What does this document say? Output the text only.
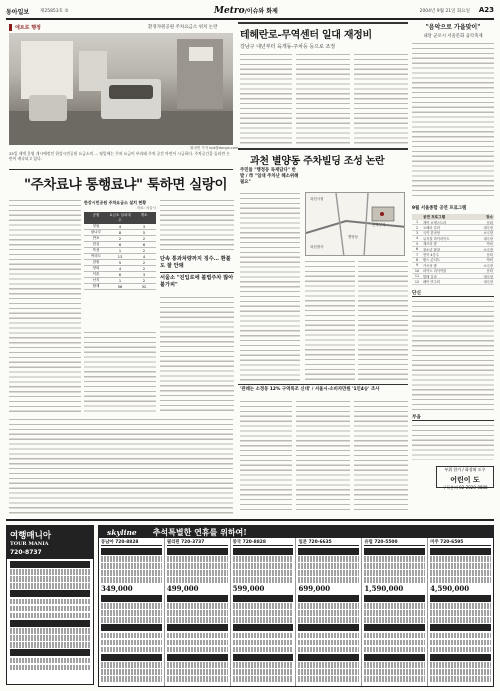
동아일보 제25853호 ②	Metro/이슈와 화제	2004년 9월 21일 화요일 A23
에트로 행정	환경자원공원 주차요금소 위치 논란
원대연 기자 kyd@donga.com
25일 새벽 운영 개시예정인 한강시민공원 요금소의 ... 평일에는 주차 요금이 부과돼 주차 공간 마련이 시급하다. 주차공간을 둘러싼 논란이 계속되고 있다.
"주차료냐 통행료냐" 툭하면 실랑이
한강시민공원 주차요금소 설치 현황
자료: 서울시
공원	요금소 설치대수
개소
망원	4	3
광나루	8	5
반포	2	2
잠실	6	6
뚝섬	1	2
여의도	13	4
잠원	5	2
양화	4	2
이촌	6	3
난지	1	2
합계	56	32
단속 통과차량까지 징수… 환불도 잘 안돼
서울소 "진입로에 불법주차 많아 불가피"
테헤란로-무역센터 일대 재정비
강남구 내년부터 육개동-주차등 등으로 조정
과천 별양동 주차빌딩 조성 논란
주민들 "행정동 독재답다" 반발 / 市 "일대 주차난 해소위해 필요"
과천시청
별양동
과천청사
신축부지
'관례는 소정동 12% 구역특조 신대' / 서울시-소비자만원 '1인4승' 조사
"음악으로 가을맞이"
내달 군포시 서울문화 음악축제
9월 서울종합 공연 프로그램
공연 프로그램	장소
1	개막 오케스트라	문화
2	오페라 갈라	대극장
3	국악 한마당	소극장
4	뮤지컬 하이라이트	대극장
5	재즈의 밤	야외
6	청소년 합창	소극장
7	현악 4중주	문화
8	팝스 콘서트	야외
9	가곡의 밤	소극장
10	피아노 리사이틀	문화
11	발레 갈라	대극장
12	폐막 연주회	대극장
단신
부음
부위 한가 / 화장외 도우
어린이 도
구독문의 02-2020-0888
여행매니아
TOUR MANIA
720-8737
skyline 추석특별한 연휴를 위하여!
동남아 720-8828
349,000
필리핀 720-3737
499,000
중국 720-8828
599,000
일본 720-6635
699,000
유럽 720-5500
1,590,000
미주 720-6595
4,590,000
